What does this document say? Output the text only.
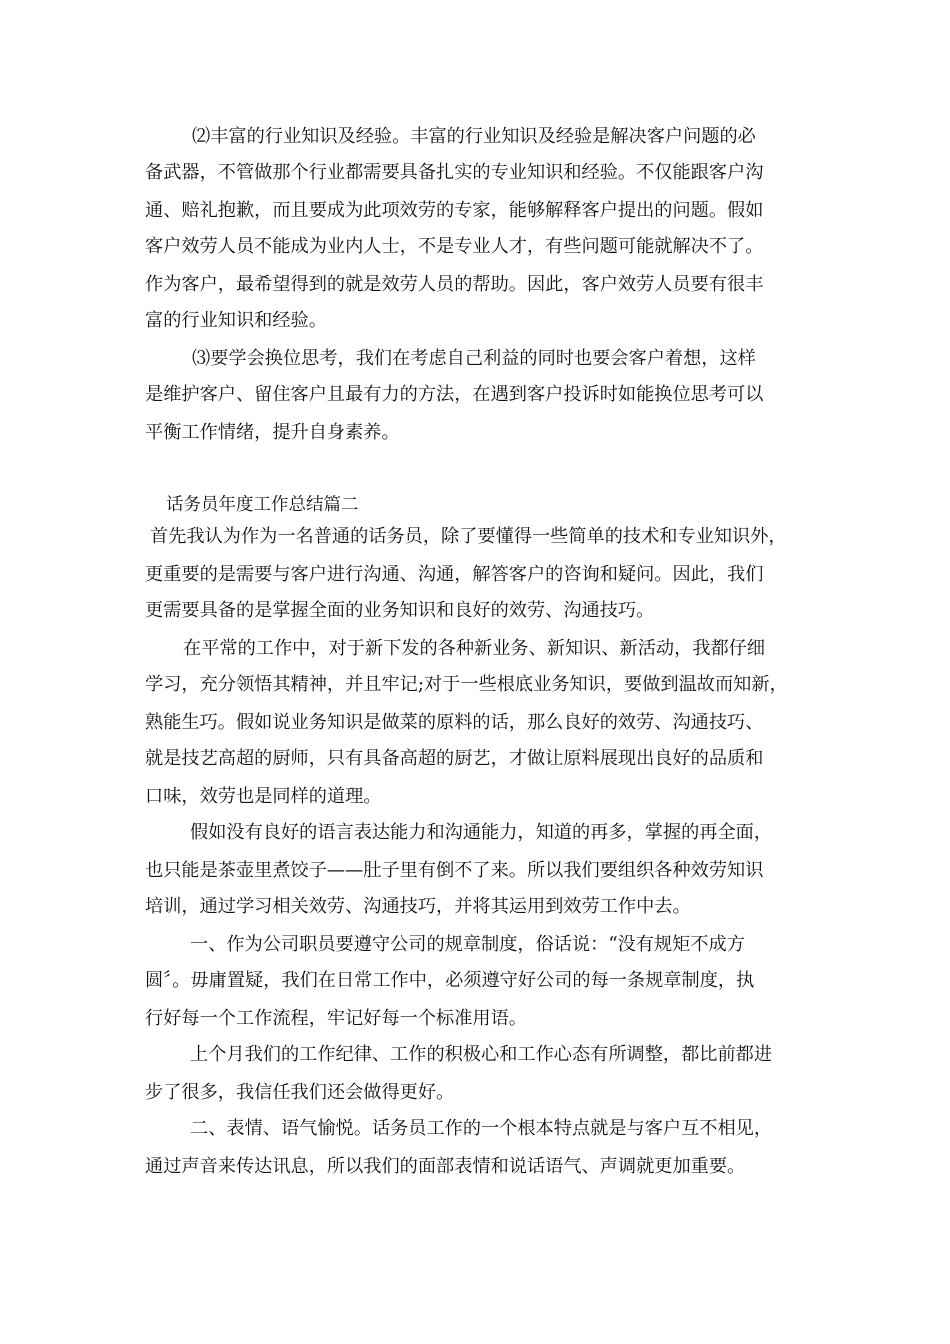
⑵丰富的行业知识及经验。丰富的行业知识及经验是解决客户问题的必
备武器，不管做那个行业都需要具备扎实的专业知识和经验。不仅能跟客户沟
通、赔礼抱歉，而且要成为此项效劳的专家，能够解释客户提出的问题。假如
客户效劳人员不能成为业内人士，不是专业人才，有些问题可能就解决不了。
作为客户，最希望得到的就是效劳人员的帮助。因此，客户效劳人员要有很丰
富的行业知识和经验。
⑶要学会换位思考，我们在考虑自己利益的同时也要会客户着想，这样
是维护客户、留住客户且最有力的方法，在遇到客户投诉时如能换位思考可以
平衡工作情绪，提升自身素养。
话务员年度工作总结篇二
首先我认为作为一名普通的话务员，除了要懂得一些简单的技术和专业知识外，
更重要的是需要与客户进行沟通、沟通，解答客户的咨询和疑问。因此，我们
更需要具备的是掌握全面的业务知识和良好的效劳、沟通技巧。
在平常的工作中，对于新下发的各种新业务、新知识、新活动，我都仔细
学习，充分领悟其精神，并且牢记;对于一些根底业务知识，要做到温故而知新，
熟能生巧。假如说业务知识是做菜的原料的话，那么良好的效劳、沟通技巧、
就是技艺高超的厨师，只有具备高超的厨艺，才做让原料展现出良好的品质和
口味，效劳也是同样的道理。
假如没有良好的语言表达能力和沟通能力，知道的再多，掌握的再全面，
也只能是茶壶里煮饺子——肚子里有倒不了来。所以我们要组织各种效劳知识
培训，通过学习相关效劳、沟通技巧，并将其运用到效劳工作中去。
一、作为公司职员要遵守公司的规章制度，俗话说：“没有规矩不成方
圆〞。毋庸置疑，我们在日常工作中，必须遵守好公司的每一条规章制度，执
行好每一个工作流程，牢记好每一个标准用语。
上个月我们的工作纪律、工作的积极心和工作心态有所调整，都比前都进
步了很多，我信任我们还会做得更好。
二、表情、语气愉悦。话务员工作的一个根本特点就是与客户互不相见，
通过声音来传达讯息，所以我们的面部表情和说话语气、声调就更加重要。
